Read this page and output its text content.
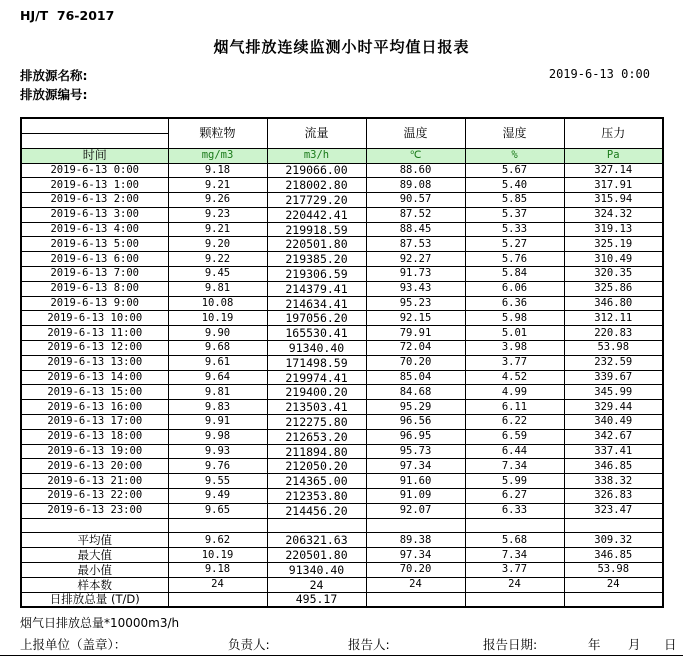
HJ/T  76-2017
烟气排放连续监测小时平均值日报表
排放源名称:	2019-6-13 0:00
排放源编号:
	颗粒物	流量	温度	湿度	压力

时间	mg/m3	m3/h	℃	%	Pa
2019-6-13 0:00	9.18	219066.00	88.60	5.67	327.14
2019-6-13 1:00	9.21	218002.80	89.08	5.40	317.91
2019-6-13 2:00	9.26	217729.20	90.57	5.85	315.94
2019-6-13 3:00	9.23	220442.41	87.52	5.37	324.32
2019-6-13 4:00	9.21	219918.59	88.45	5.33	319.13
2019-6-13 5:00	9.20	220501.80	87.53	5.27	325.19
2019-6-13 6:00	9.22	219385.20	92.27	5.76	310.49
2019-6-13 7:00	9.45	219306.59	91.73	5.84	320.35
2019-6-13 8:00	9.81	214379.41	93.43	6.06	325.86
2019-6-13 9:00	10.08	214634.41	95.23	6.36	346.80
2019-6-13 10:00	10.19	197056.20	92.15	5.98	312.11
2019-6-13 11:00	9.90	165530.41	79.91	5.01	220.83
2019-6-13 12:00	9.68	91340.40	72.04	3.98	53.98
2019-6-13 13:00	9.61	171498.59	70.20	3.77	232.59
2019-6-13 14:00	9.64	219974.41	85.04	4.52	339.67
2019-6-13 15:00	9.81	219400.20	84.68	4.99	345.99
2019-6-13 16:00	9.83	213503.41	95.29	6.11	329.44
2019-6-13 17:00	9.91	212275.80	96.56	6.22	340.49
2019-6-13 18:00	9.98	212653.20	96.95	6.59	342.67
2019-6-13 19:00	9.93	211894.80	95.73	6.44	337.41
2019-6-13 20:00	9.76	212050.20	97.34	7.34	346.85
2019-6-13 21:00	9.55	214365.00	91.60	5.99	338.32
2019-6-13 22:00	9.49	212353.80	91.09	6.27	326.83
2019-6-13 23:00	9.65	214456.20	92.07	6.33	323.47

平均值	9.62	206321.63	89.38	5.68	309.32
最大值	10.19	220501.80	97.34	7.34	346.85
最小值	9.18	91340.40	70.20	3.77	53.98
样本数	24	24	24	24	24
日排放总量 (T/D)		495.17			
烟气日排放总量*10000m3/h
上报单位（盖章）：	负责人:	报告人:	报告日期:	年 月 日
